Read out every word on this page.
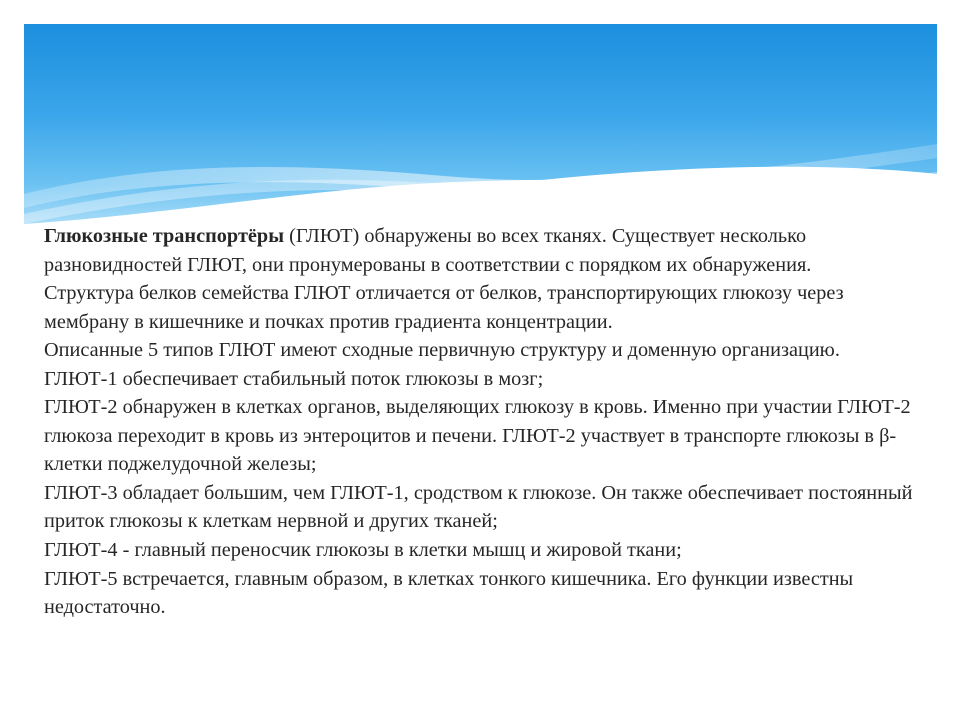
Глюкозные транспортёры (ГЛЮТ) обнаружены во всех тканях. Существует несколько разновидностей ГЛЮТ, они пронумерованы в соответствии с порядком их обнаружения.

Структура белков семейства ГЛЮТ отличается от белков, транспортирующих глюкозу через мембрану в кишечнике и почках против градиента концентрации.

Описанные 5 типов ГЛЮТ имеют сходные первичную структуру и доменную организацию.

ГЛЮТ-1 обеспечивает стабильный поток глюкозы в мозг;

ГЛЮТ-2 обнаружен в клетках органов, выделяющих глюкозу в кровь. Именно при участии ГЛЮТ-2 глюкоза переходит в кровь из энтероцитов и печени. ГЛЮТ-2 участвует в транспорте глюкозы в β-клетки поджелудочной железы;

ГЛЮТ-3 обладает большим, чем ГЛЮТ-1, сродством к глюкозе. Он также обеспечивает постоянный приток глюкозы к клеткам нервной и других тканей;

ГЛЮТ-4 - главный переносчик глюкозы в клетки мышц и жировой ткани;

ГЛЮТ-5 встречается, главным образом, в клетках тонкого кишечника. Его функции известны недостаточно.
